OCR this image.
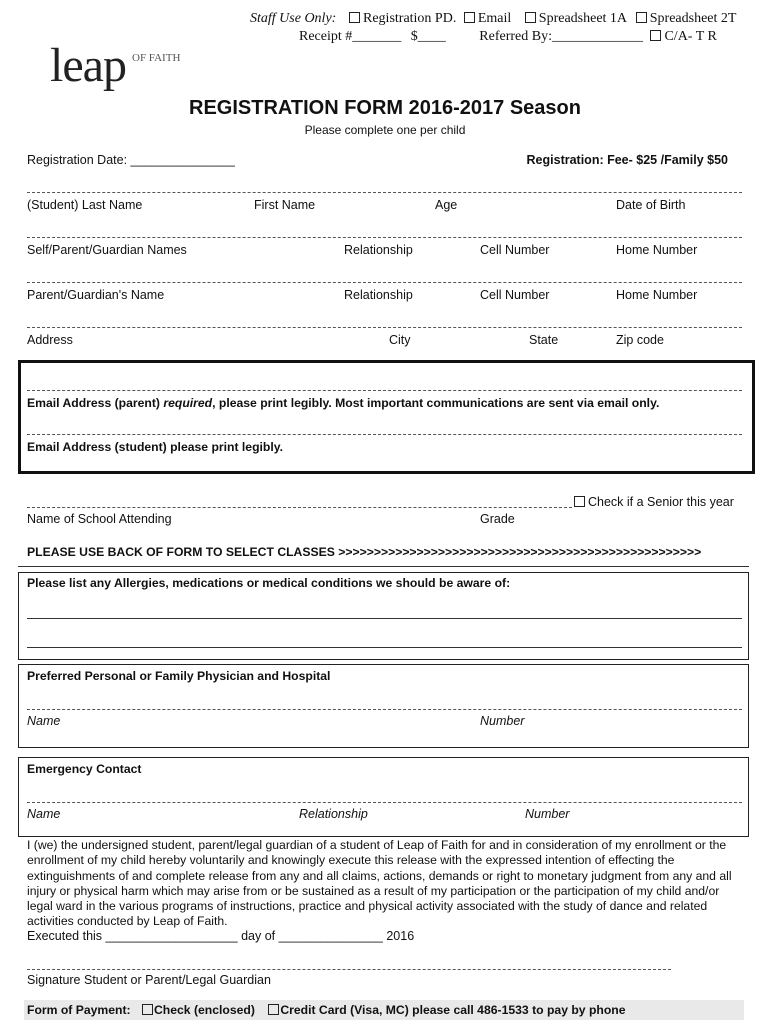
Staff Use Only:	Registration PD. Email Spreadsheet 1A Spreadsheet 2T
Receipt #_______ $____ Referred By:_____________ C/A- T R
leap OF FAITH
REGISTRATION FORM 2016-2017 Season
Please complete one per child
Registration Date: _______________	Registration: Fee- $25 /Family $50
(Student) Last Name	First Name	Age	Date of Birth
Self/Parent/Guardian Names	Relationship	Cell Number	Home Number
Parent/Guardian's Name	Relationship	Cell Number	Home Number
Address	City	State	Zip code
Email Address (parent) required, please print legibly. Most important communications are sent via email only.
Email Address (student) please print legibly.
Check if a Senior this year
Name of School Attending	Grade
PLEASE USE BACK OF FORM TO SELECT CLASSES >>>>>>>>>>>>>>>>>>>>>>>>>>>>>>>>>>>>>>>>>>>>>>>>>>>
Please list any Allergies, medications or medical conditions we should be aware of:
Preferred Personal or Family Physician and Hospital
Name	Number
Emergency Contact
Name	Relationship	Number
I (we) the undersigned student, parent/legal guardian of a student of Leap of Faith for and in consideration of my enrollment or the enrollment of my child hereby voluntarily and knowingly execute this release with the expressed intention of effecting the extinguishments of and complete release from any and all claims, actions, demands or right to monetary judgment from any and all injury or physical harm which may arise from or be sustained as a result of my participation or the participation of my child and/or legal ward in the various programs of instructions, practice and physical activity associated with the study of dance and related activities conducted by Leap of Faith.
Executed this ___________________ day of _______________ 2016
Signature Student or Parent/Legal Guardian
Form of Payment: Check (enclosed) Credit Card (Visa, MC) please call 486-1533 to pay by phone
